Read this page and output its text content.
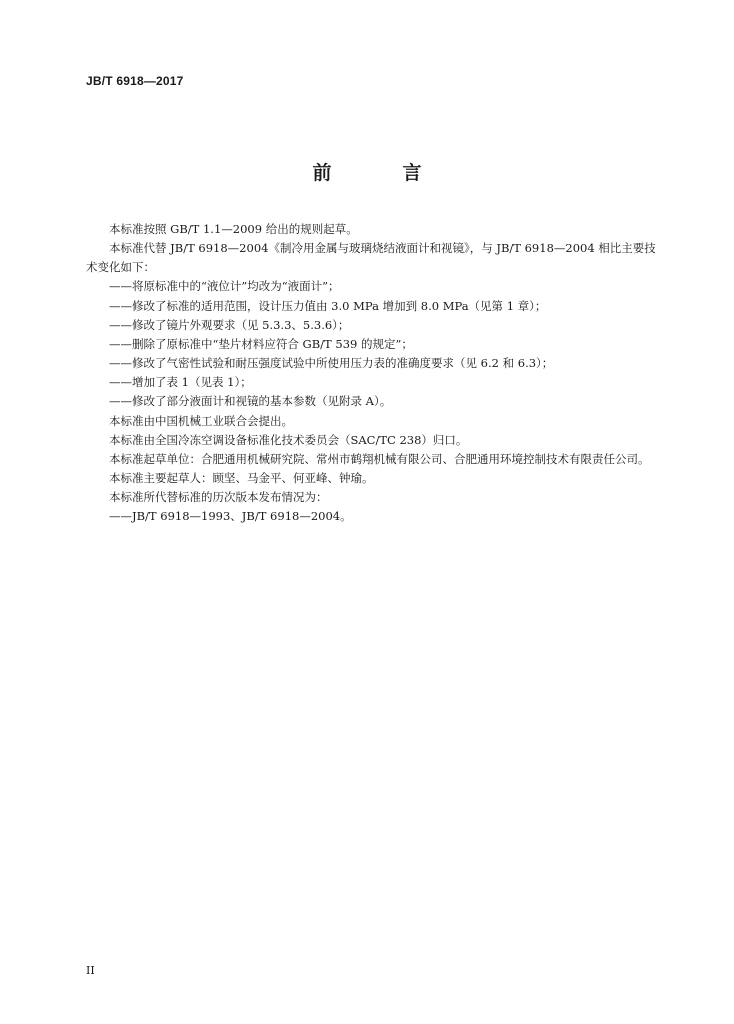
JB/T 6918—2017
前　言

本标准按照 GB/T 1.1—2009 给出的规则起草。

本标准代替 JB/T 6918—2004《制冷用金属与玻璃烧结液面计和视镜》，与 JB/T 6918—2004 相比主要技术变化如下：

——将原标准中的“液位计”均改为“液面计”；

——修改了标准的适用范围，设计压力值由 3.0 MPa 增加到 8.0 MPa（见第 1 章）；

——修改了镜片外观要求（见 5.3.3、5.3.6）；

——删除了原标准中“垫片材料应符合 GB/T 539 的规定”；

——修改了气密性试验和耐压强度试验中所使用压力表的准确度要求（见 6.2 和 6.3）；

——增加了表 1（见表 1）；

——修改了部分液面计和视镜的基本参数（见附录 A）。

本标准由中国机械工业联合会提出。

本标准由全国冷冻空调设备标准化技术委员会（SAC/TC 238）归口。

本标准起草单位：合肥通用机械研究院、常州市鹤翔机械有限公司、合肥通用环境控制技术有限责任公司。

本标准主要起草人：顾坚、马金平、何亚峰、钟瑜。

本标准所代替标准的历次版本发布情况为：

——JB/T 6918—1993、JB/T 6918—2004。

II
